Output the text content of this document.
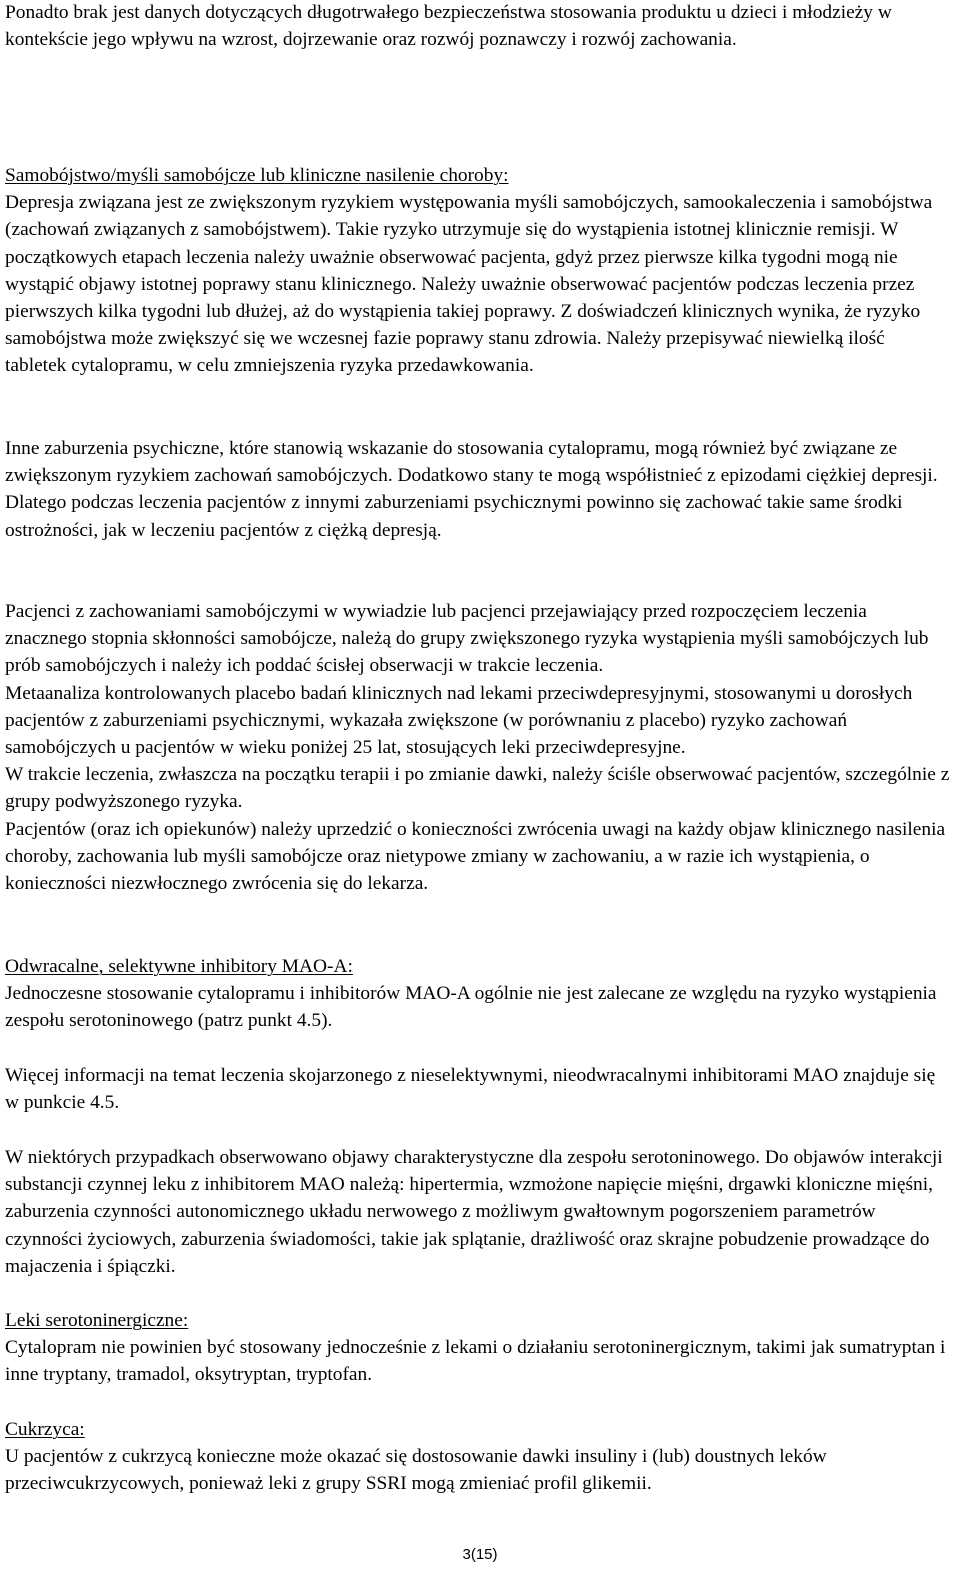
Ponadto brak jest danych dotyczących długotrwałego bezpieczeństwa stosowania produktu u dzieci i młodzieży w kontekście jego wpływu na wzrost, dojrzewanie oraz rozwój poznawczy i rozwój zachowania.

Samobójstwo/myśli samobójcze lub kliniczne nasilenie choroby:

Depresja związana jest ze zwiększonym ryzykiem występowania myśli samobójczych, samookaleczenia i samobójstwa (zachowań związanych z samobójstwem). Takie ryzyko utrzymuje się do wystąpienia istotnej klinicznie remisji. W początkowych etapach leczenia należy uważnie obserwować pacjenta, gdyż przez pierwsze kilka tygodni mogą nie wystąpić objawy istotnej poprawy stanu klinicznego. Należy uważnie obserwować pacjentów podczas leczenia przez pierwszych kilka tygodni lub dłużej, aż do wystąpienia takiej poprawy. Z doświadczeń klinicznych wynika, że ryzyko samobójstwa może zwiększyć się we wczesnej fazie poprawy stanu zdrowia. Należy przepisywać niewielką ilość tabletek cytalopramu, w celu zmniejszenia ryzyka przedawkowania.

Inne zaburzenia psychiczne, które stanowią wskazanie do stosowania cytalopramu, mogą również być związane ze zwiększonym ryzykiem zachowań samobójczych. Dodatkowo stany te mogą współistnieć z epizodami ciężkiej depresji. Dlatego podczas leczenia pacjentów z innymi zaburzeniami psychicznymi powinno się zachować takie same środki ostrożności, jak w leczeniu pacjentów z ciężką depresją.

Pacjenci z zachowaniami samobójczymi w wywiadzie lub pacjenci przejawiający przed rozpoczęciem leczenia znacznego stopnia skłonności samobójcze, należą do grupy zwiększonego ryzyka wystąpienia myśli samobójczych lub prób samobójczych i należy ich poddać ścisłej obserwacji w trakcie leczenia.

Metaanaliza kontrolowanych placebo badań klinicznych nad lekami przeciwdepresyjnymi, stosowanymi u dorosłych pacjentów z zaburzeniami psychicznymi, wykazała zwiększone (w porównaniu z placebo) ryzyko zachowań samobójczych u pacjentów w wieku poniżej 25 lat, stosujących leki przeciwdepresyjne.

W trakcie leczenia, zwłaszcza na początku terapii i po zmianie dawki, należy ściśle obserwować pacjentów, szczególnie z grupy podwyższonego ryzyka.

Pacjentów (oraz ich opiekunów) należy uprzedzić o konieczności zwrócenia uwagi na każdy objaw klinicznego nasilenia choroby, zachowania lub myśli samobójcze oraz nietypowe zmiany w zachowaniu, a w razie ich wystąpienia, o konieczności niezwłocznego zwrócenia się do lekarza.

Odwracalne, selektywne inhibitory MAO-A:

Jednoczesne stosowanie cytalopramu i inhibitorów MAO-A ogólnie nie jest zalecane ze względu na ryzyko wystąpienia zespołu serotoninowego (patrz punkt 4.5).

Więcej informacji na temat leczenia skojarzonego z nieselektywnymi, nieodwracalnymi inhibitorami MAO znajduje się w punkcie 4.5.

W niektórych przypadkach obserwowano objawy charakterystyczne dla zespołu serotoninowego. Do objawów interakcji substancji czynnej leku z inhibitorem MAO należą: hipertermia, wzmożone napięcie mięśni, drgawki kloniczne mięśni, zaburzenia czynności autonomicznego układu nerwowego z możliwym gwałtownym pogorszeniem parametrów czynności życiowych, zaburzenia świadomości, takie jak splątanie, drażliwość oraz skrajne pobudzenie prowadzące do majaczenia i śpiączki.

Leki serotoninergiczne:

Cytalopram nie powinien być stosowany jednocześnie z lekami o działaniu serotoninergicznym, takimi jak sumatryptan i inne tryptany, tramadol, oksytryptan, tryptofan.

Cukrzyca:

U pacjentów z cukrzycą konieczne może okazać się dostosowanie dawki insuliny i (lub) doustnych leków przeciwcukrzycowych, ponieważ leki z grupy SSRI mogą zmieniać profil glikemii.

3(15)
